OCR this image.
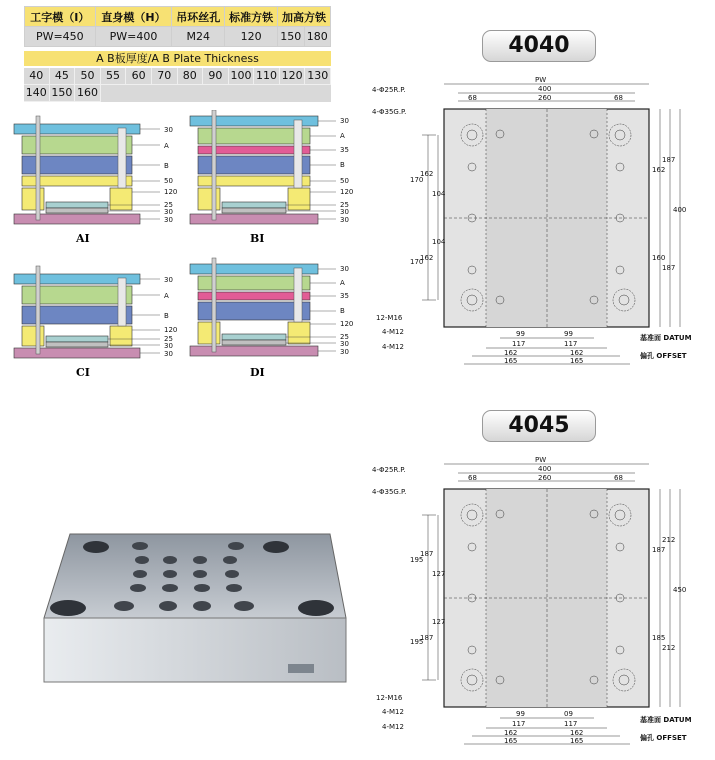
工字模（I）	直身模（H）	吊环丝孔	标准方铁	加高方铁	
PW=450	PW=400	M24	120	150	180
A B板厚度/A B Plate Thickness
40	45	50	55	60	70	80	90 100 110 120 130
140 150 160
30
A
B
50
120
25
30
30
AI
30
A
35
B
50
120
25
30
30
BI
30
A
B
120
25
30
30
CI
30
A
35
B
120
25
30
30
DI
4040
4045
PW
400
260
68	68
4-Φ25R.P.
4-Φ35G.P.
170
162
104
104
162
170
162
187
400
160
187
12-M16
4-M12
4-M12
99	99
117	117
162	162
165	165
基准面 DATUM
偏孔 OFFSET
PW
400
260
68	68
4-Φ25R.P.
4-Φ35G.P.
195
187
127
127
187
195
187
212
450
185
212
12-M16
4-M12
4-M12
99	09
117	117
162	162
165	165
基准面 DATUM
偏孔 OFFSET
